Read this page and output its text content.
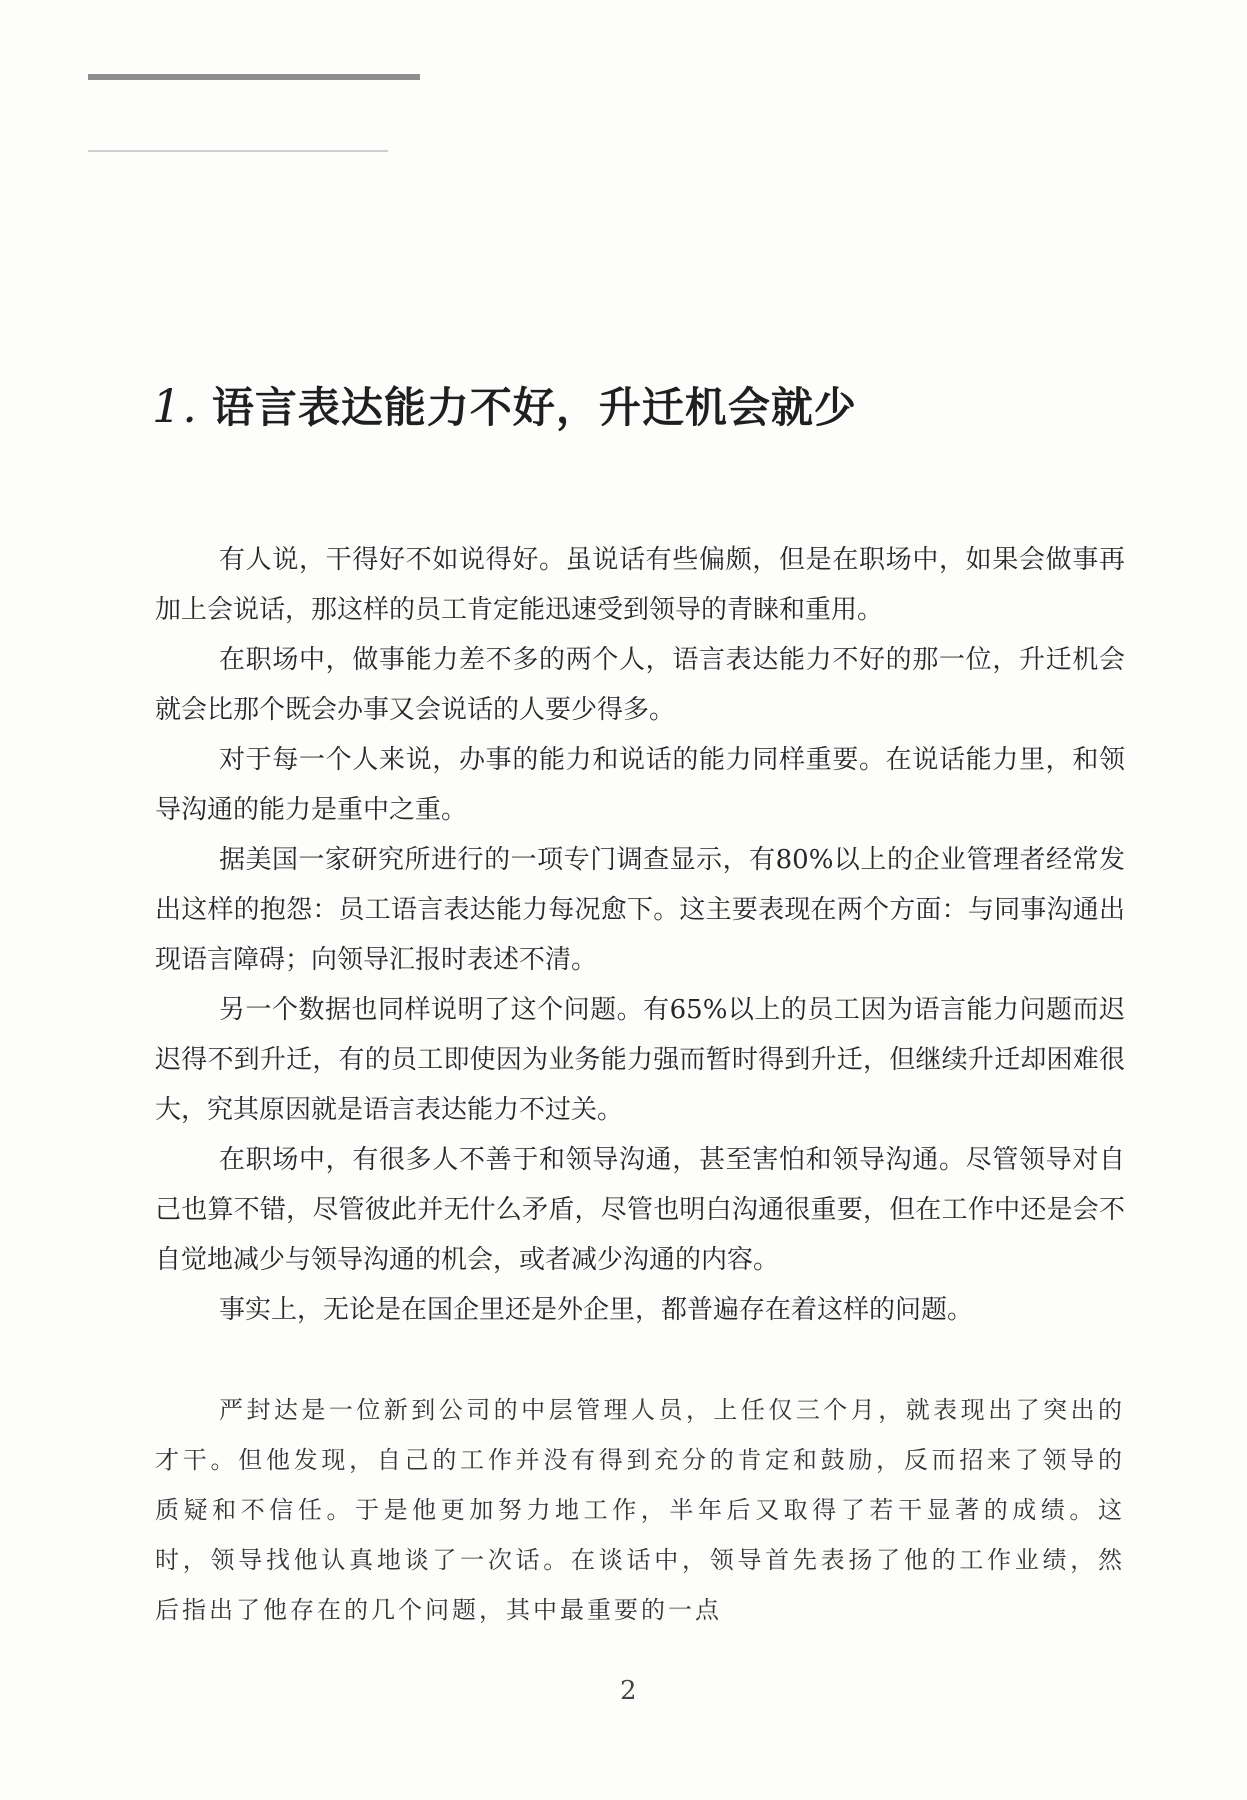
1. 语言表达能力不好，升迁机会就少

有人说，干得好不如说得好。虽说话有些偏颇，但是在职场中，如果会做事再加上会说话，那这样的员工肯定能迅速受到领导的青睐和重用。

在职场中，做事能力差不多的两个人，语言表达能力不好的那一位，升迁机会就会比那个既会办事又会说话的人要少得多。

对于每一个人来说，办事的能力和说话的能力同样重要。在说话能力里，和领导沟通的能力是重中之重。

据美国一家研究所进行的一项专门调查显示，有80%以上的企业管理者经常发出这样的抱怨：员工语言表达能力每况愈下。这主要表现在两个方面：与同事沟通出现语言障碍；向领导汇报时表述不清。

另一个数据也同样说明了这个问题。有65%以上的员工因为语言能力问题而迟迟得不到升迁，有的员工即使因为业务能力强而暂时得到升迁，但继续升迁却困难很大，究其原因就是语言表达能力不过关。

在职场中，有很多人不善于和领导沟通，甚至害怕和领导沟通。尽管领导对自己也算不错，尽管彼此并无什么矛盾，尽管也明白沟通很重要，但在工作中还是会不自觉地减少与领导沟通的机会，或者减少沟通的内容。

事实上，无论是在国企里还是外企里，都普遍存在着这样的问题。

严封达是一位新到公司的中层管理人员，上任仅三个月，就表现出了突出的才干。但他发现，自己的工作并没有得到充分的肯定和鼓励，反而招来了领导的质疑和不信任。于是他更加努力地工作，半年后又取得了若干显著的成绩。这时，领导找他认真地谈了一次话。在谈话中，领导首先表扬了他的工作业绩，然后指出了他存在的几个问题，其中最重要的一点

2
